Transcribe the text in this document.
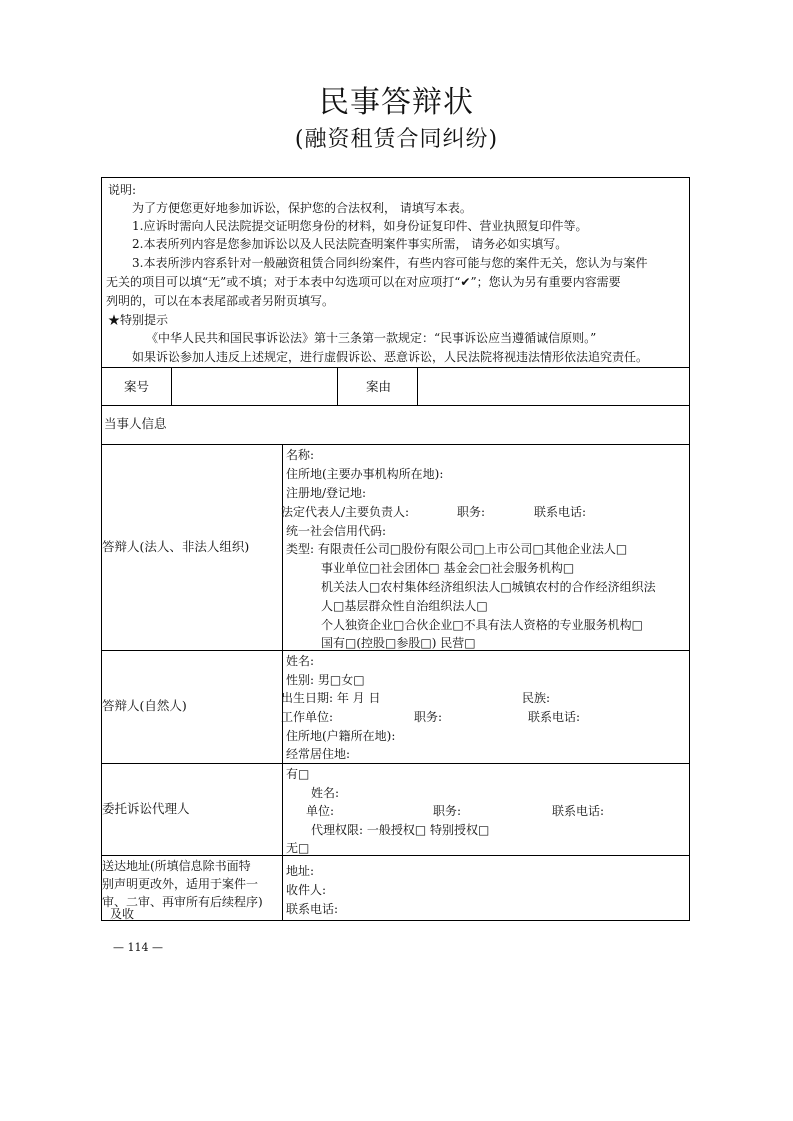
民事答辩状
(融资租赁合同纠纷)
说明:
为了方便您更好地参加诉讼，保护您的合法权利， 请填写本表。
1.应诉时需向人民法院提交证明您身份的材料，如身份证复印件、营业执照复印件等。
2.本表所列内容是您参加诉讼以及人民法院查明案件事实所需， 请务必如实填写。
3.本表所涉内容系针对一般融资租赁合同纠纷案件，有些内容可能与您的案件无关，您认为与案件
无关的项目可以填“无”或不填；对于本表中勾选项可以在对应项打“✔”；您认为另有重要内容需要
列明的，可以在本表尾部或者另附页填写。
★特别提示
《中华人民共和国民事诉讼法》第十三条第一款规定：“民事诉讼应当遵循诚信原则。”
如果诉讼参加人违反上述规定，进行虚假诉讼、恶意诉讼，人民法院将视违法情形依法追究责任。
案号	案由
当事人信息
答辩人(法人、非法人组织)
名称:
住所地(主要办事机构所在地):
注册地/登记地:
法定代表人/主要负责人:	职务:	联系电话:
统一社会信用代码:
类型: 有限责任公司□股份有限公司□上市公司□其他企业法人□
事业单位□社会团体□ 基金会□社会服务机构□
机关法人□农村集体经济组织法人□城镇农村的合作经济组织法
人□基层群众性自治组织法人□
个人独资企业□合伙企业□不具有法人资格的专业服务机构□
国有□(控股□参股□) 民营□
答辩人(自然人)
姓名:
性别: 男□女□
出生日期: 年 月 日	民族:
工作单位:	职务:	联系电话:
住所地(户籍所在地):
经常居住地:
委托诉讼代理人
有□
姓名:
单位:	职务:	联系电话:
代理权限: 一般授权□ 特别授权□
无□
送达地址(所填信息除书面特
别声明更改外，适用于案件一
审、二审、再审所有后续程序)
及收
地址:
收件人:
联系电话:
— 114 —
